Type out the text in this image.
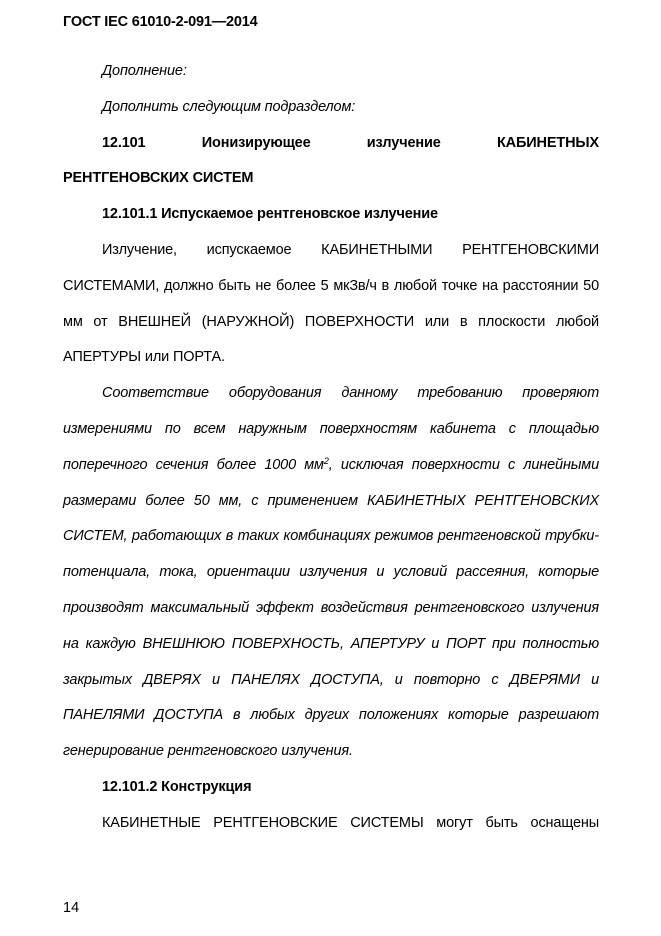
ГОСТ IEC 61010-2-091—2014

Дополнение:

Дополнить следующим подразделом:

12.101	Ионизирующее излучение КАБИНЕТНЫХ

РЕНТГЕНОВСКИХ СИСТЕМ

12.101.1 Испускаемое рентгеновское излучение

Излучение, испускаемое КАБИНЕТНЫМИ РЕНТГЕНОВСКИМИ СИСТЕМАМИ, должно быть не более 5 мкЗв/ч в любой точке на расстоянии 50 мм от ВНЕШНЕЙ (НАРУЖНОЙ) ПОВЕРХНОСТИ или в плоскости любой АПЕРТУРЫ или ПОРТА.

Соответствие оборудования данному требованию проверяют измерениями по всем наружным поверхностям кабинета с площадью поперечного сечения более 1000 $мм^2$, исключая поверхности с линейными размерами более 50 мм, с применением КАБИНЕТНЫХ РЕНТГЕНОВСКИХ СИСТЕМ, работающих в таких комбинациях режимов рентгеновской трубки-потенциала, тока, ориентации излучения и условий рассеяния, которые производят максимальный эффект воздействия рентгеновского излучения на каждую ВНЕШНЮЮ ПОВЕРХНОСТЬ, АПЕРТУРУ и ПОРТ при полностью закрытых ДВЕРЯХ и ПАНЕЛЯХ ДОСТУПА, и повторно с ДВЕРЯМИ и ПАНЕЛЯМИ ДОСТУПА в любых других положениях которые разрешают генерирование рентгеновского излучения.

12.101.2 Конструкция

КАБИНЕТНЫЕ РЕНТГЕНОВСКИЕ СИСТЕМЫ могут быть оснащены

14
